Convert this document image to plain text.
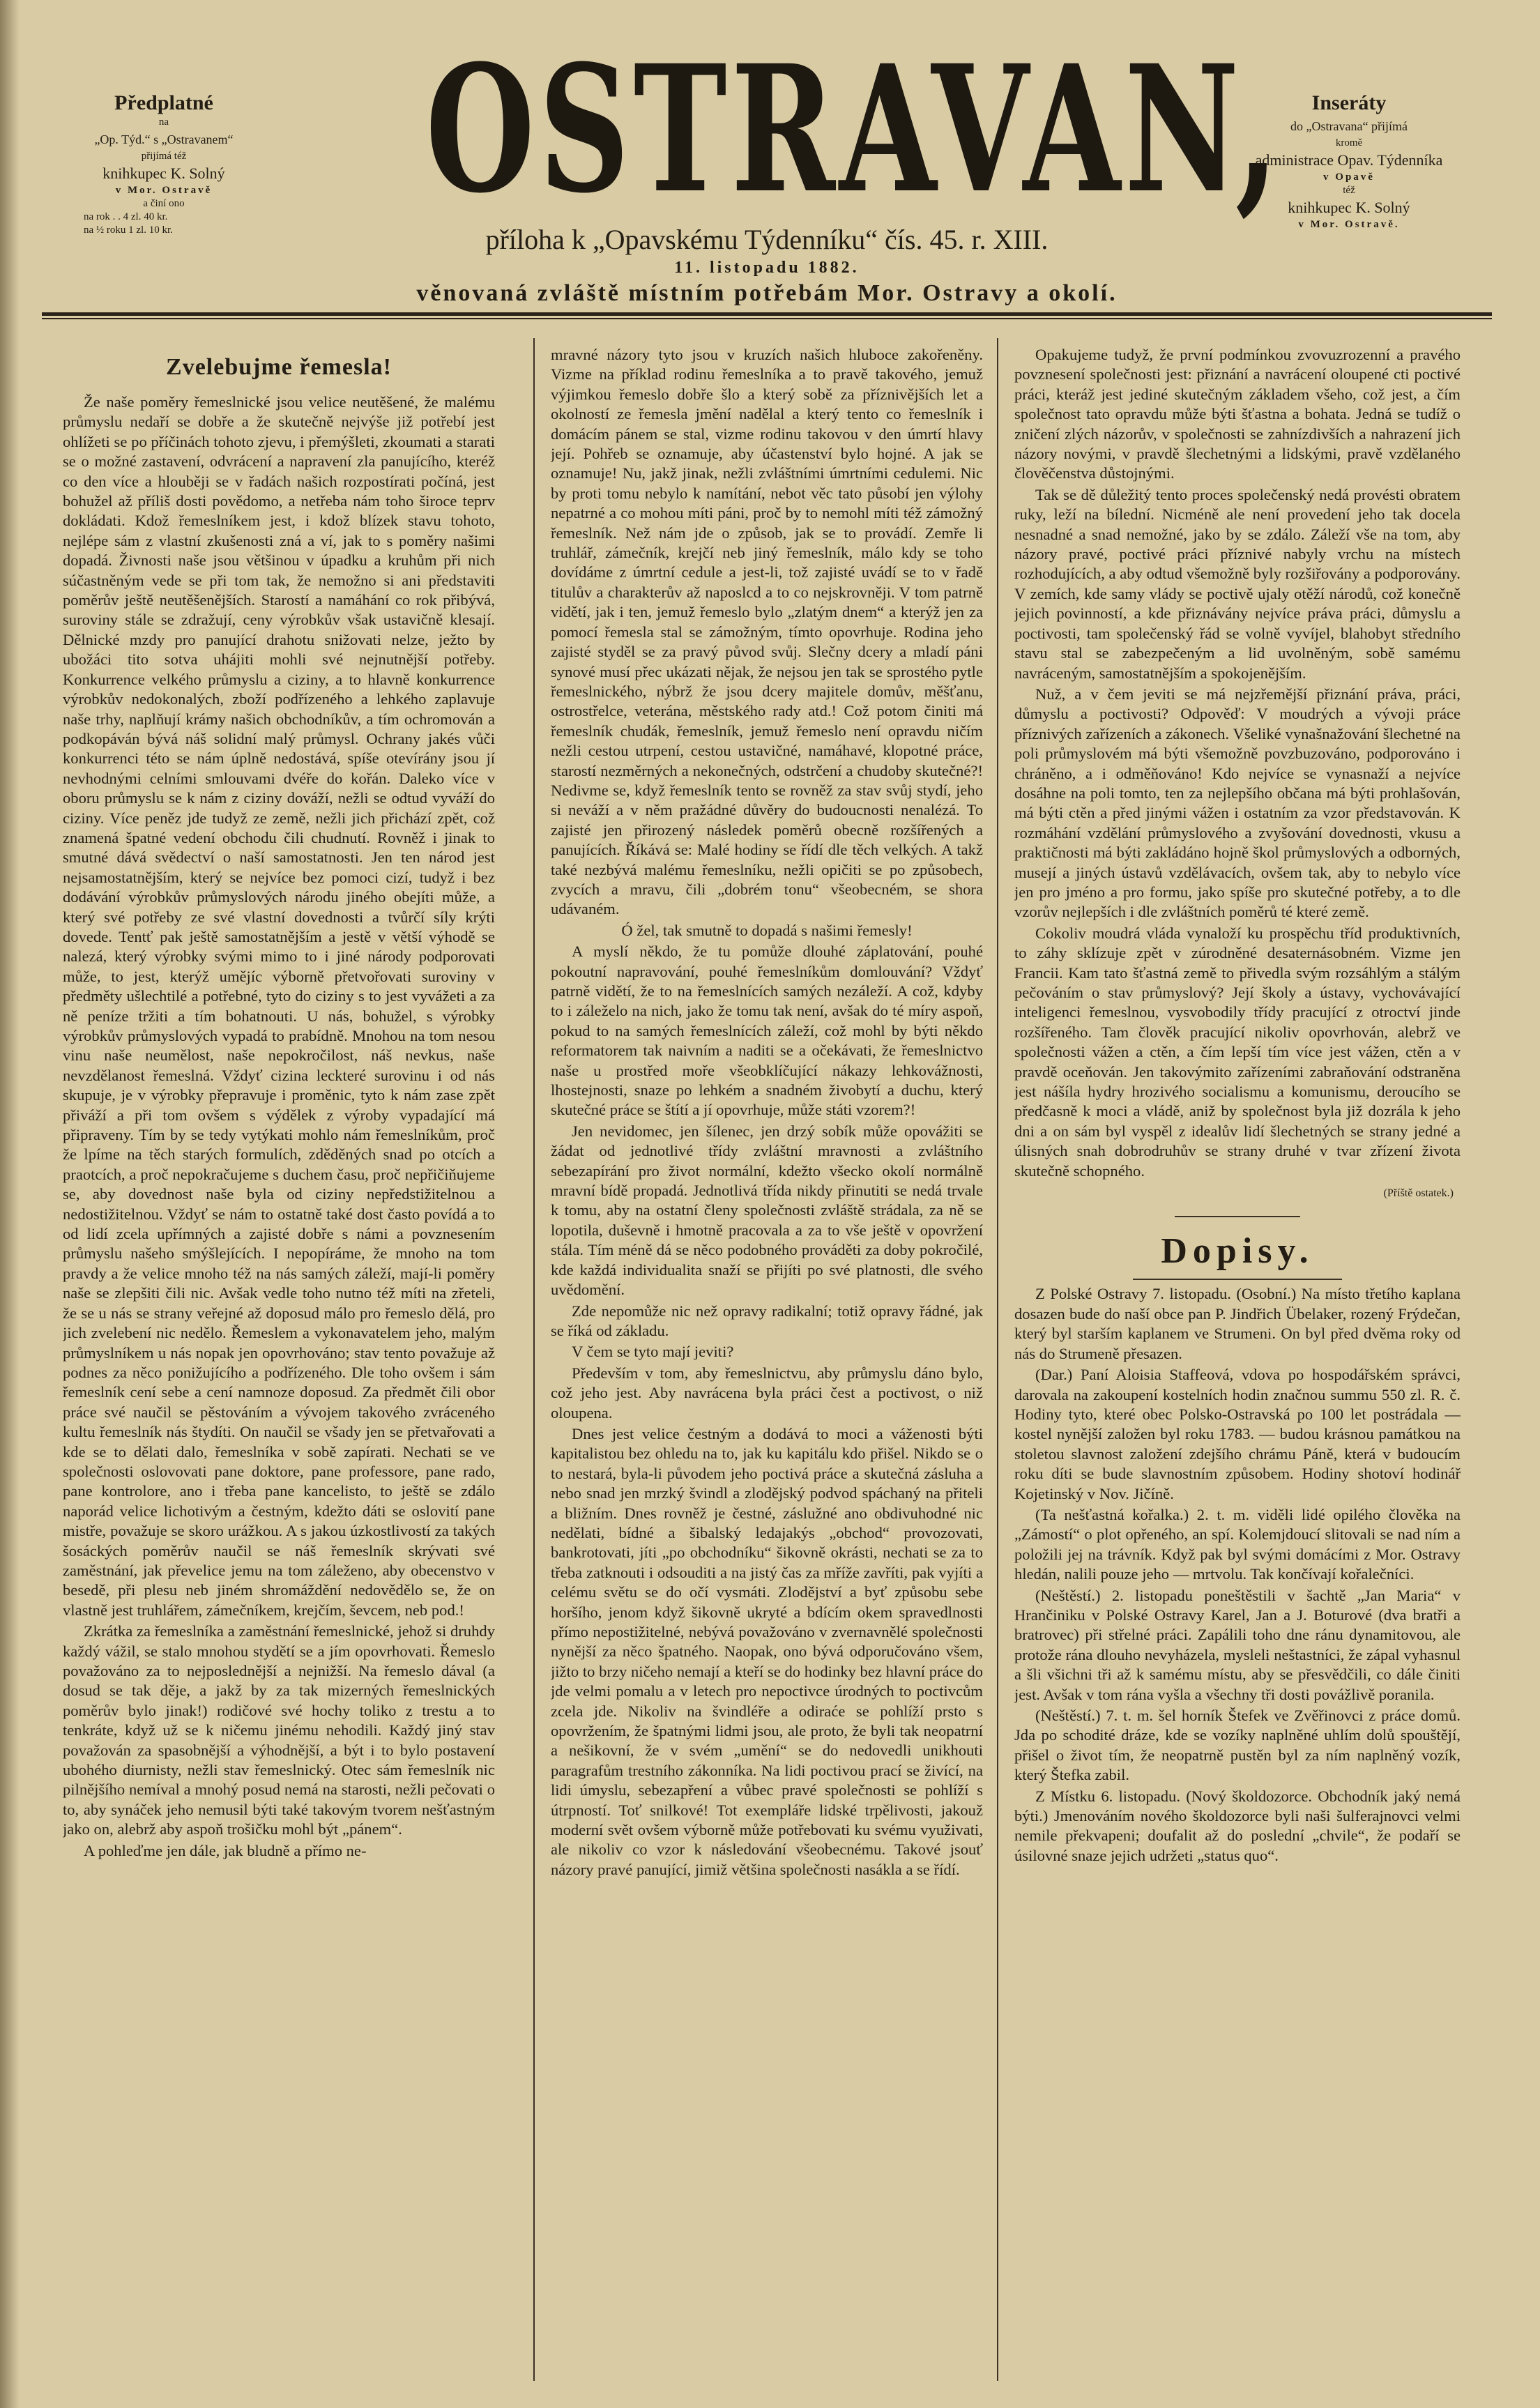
Předplatné
na
„Op. Týd.“ s „Ostravanem“
přijímá též
knihkupec K. Solný
v Mor. Ostravě
a činí ono
na rok . . 4 zl. 40 kr.
na ½ roku 1 zl. 10 kr.	OSTRAVAN,
příloha k „Opavskému Týdenníku“ čís. 45. r. XIII.
11. listopadu 1882.
věnovaná zvláště místním potřebám Mor. Ostravy a okolí.
Inseráty
do „Ostravana“ přijímá
kromě
administrace Opav. Týdenníka
v Opavě
též
knihkupec K. Solný
v Mor. Ostravě.
Zvelebujme řemesla!

Že naše poměry řemeslnické jsou velice neutěšené, že malému průmyslu nedaří se dobře a že skutečně nejvýše již potřebí jest ohlížeti se po příčinách tohoto zjevu, i přemýšleti, zkoumati a starati se o možné zastavení, odvrácení a napravení zla panujícího, kteréž co den více a hlouběji se v řadách našich rozpostírati počíná, jest bohužel až příliš dosti povědomo, a netřeba nám toho široce teprv dokládati. Kdož řemeslníkem jest, i kdož blízek stavu tohoto, nejlépe sám z vlastní zkušenosti zná a ví, jak to s poměry našimi dopadá. Živnosti naše jsou většinou v úpadku a kruhům při nich súčastněným vede se při tom tak, že nemožno si ani představiti poměrův ještě neutěšenějších. Starostí a namáhání co rok přibývá, suroviny stále se zdražují, ceny výrobkův však ustavičně klesají. Dělnické mzdy pro panující drahotu snižovati nelze, ježto by ubožáci tito sotva uhájiti mohli své nejnutnější potřeby. Konkurrence velkého průmyslu a ciziny, a to hlavně konkurrence výrobkův nedokonalých, zboží podřízeného a lehkého zaplavuje naše trhy, naplňují krámy našich obchodníkův, a tím ochromován a podkopáván bývá náš solidní malý průmysl. Ochrany jakés vůči konkurrenci této se nám úplně nedostává, spíše otevírány jsou jí nevhodnými celními smlouvami dvéře do kořán. Daleko více v oboru průmyslu se k nám z ciziny dováží, nežli se odtud vyváží do ciziny. Více peněz jde tudyž ze země, nežli jich přichází zpět, což znamená špatné vedení obchodu čili chudnutí. Rovněž i jinak to smutné dává svědectví o naší samostatnosti. Jen ten národ jest nejsamostatnějším, který se nejvíce bez pomoci cizí, tudyž i bez dodávání výrobkův průmyslových národu jiného obejíti může, a který své potřeby ze své vlastní dovednosti a tvůrčí síly krýti dovede. Tentť pak ještě samostatnějším a jestě v větší výhodě se nalezá, který výrobky svými mimo to i jiné národy podporovati může, to jest, kterýž umějíc výborně přetvořovati suroviny v předměty ušlechtilé a potřebné, tyto do ciziny s to jest vyvážeti a za ně peníze tržiti a tím bohatnouti. U nás, bohužel, s výrobky výrobkův průmyslových vypadá to prabídně. Mnohou na tom nesou vinu naše neumělost, naše nepokročilost, náš nevkus, naše nevzdělanost řemeslná. Vždyť cizina leckteré surovinu i od nás skupuje, je v výrobky přepravuje i proměnic, tyto k nám zase zpět přiváží a při tom ovšem s výdělek z výroby vypadající má připraveny. Tím by se tedy vytýkati mohlo nám řemeslníkům, proč že lpíme na těch starých formulích, zděděných snad po otcích a praotcích, a proč nepokračujeme s duchem času, proč nepřičiňujeme se, aby dovednost naše byla od ciziny nepředstižitelnou a nedostižitelnou. Vždyť se nám to ostatně také dost často povídá a to od lidí zcela upřímných a zajisté dobře s námi a povznesením průmyslu našeho smýšlejících. I nepopíráme, že mnoho na tom pravdy a že velice mnoho též na nás samých záleží, mají-li poměry naše se zlepšiti čili nic. Avšak vedle toho nutno též míti na zřeteli, že se u nás se strany veřejné až doposud málo pro řemeslo dělá, pro jich zvelebení nic nedělo. Řemeslem a vykonavatelem jeho, malým průmyslníkem u nás nopak jen opovrhováno; stav tento považuje až podnes za něco ponižujícího a podřízeného. Dle toho ovšem i sám řemeslník cení sebe a cení namnoze doposud. Za předmět čili obor práce své naučil se pěstováním a vývojem takového zvráceného kultu řemeslník nás štydíti. On naučil se všady jen se přetvařovati a kde se to dělati dalo, řemeslníka v sobě zapírati. Nechati se ve společnosti oslovovati pane doktore, pane professore, pane rado, pane kontrolore, ano i třeba pane kancelisto, to ještě se zdálo naporád velice lichotivým a čestným, kdežto dáti se oslovití pane mistře, považuje se skoro urážkou. A s jakou úzkostlivostí za takých šosáckých poměrův naučil se náš řemeslník skrývati své zaměstnání, jak převelice jemu na tom záleženo, aby obecenstvo v besedě, při plesu neb jiném shromáždění nedovědělo se, že on vlastně jest truhlářem, zámečníkem, krejčím, ševcem, neb pod.!

Zkrátka za řemeslníka a zaměstnání řemeslnické, jehož si druhdy každý vážil, se stalo mnohou stydětí se a jím opovrhovati. Řemeslo považováno za to nejposlednější a nejnižší. Na řemeslo dával (a dosud se tak děje, a jakž by za tak mizerných řemeslnických poměrův bylo jinak!) rodičové své hochy toliko z trestu a to tenkráte, když už se k ničemu jinému nehodili. Každý jiný stav považován za spasobnější a výhodnější, a být i to bylo postavení ubohého diurnisty, nežli stav řemeslnický. Otec sám řemeslník nic pilnějšího nemíval a mnohý posud nemá na starosti, nežli pečovati o to, aby synáček jeho nemusil býti také takovým tvorem nešťastným jako on, alebrž aby aspoň trošičku mohl být „pánem“.

A pohleďme jen dále, jak bludně a přímo ne-

mravné názory tyto jsou v kruzích našich hluboce zakořeněny. Vizme na příklad rodinu řemeslníka a to pravě takového, jemuž výjimkou řemeslo dobře šlo a který sobě za příznivějších let a okolností ze řemesla jmění nadělal a který tento co řemeslník i domácím pánem se stal, vizme rodinu takovou v den úmrtí hlavy její. Pohřeb se oznamuje, aby účastenství bylo hojné. A jak se oznamuje! Nu, jakž jinak, nežli zvláštními úmrtními cedulemi. Nic by proti tomu nebylo k namítání, nebot věc tato působí jen výlohy nepatrné a co mohou míti páni, proč by to nemohl míti též zámožný řemeslník. Než nám jde o způsob, jak se to provádí. Zemře li truhlář, zámečník, krejčí neb jiný řemeslník, málo kdy se toho dovídáme z úmrtní cedule a jest-li, tož zajisté uvádí se to v řadě titulův a charakterův až naposlcd a to co nejskrovněji. V tom patrně vidětí, jak i ten, jemuž řemeslo bylo „zlatým dnem“ a kterýž jen za pomocí řemesla stal se zámožným, tímto opovrhuje. Rodina jeho zajisté styděl se za pravý původ svůj. Slečny dcery a mladí páni synové musí přec ukázati nějak, že nejsou jen tak se sprostého pytle řemeslnického, nýbrž že jsou dcery majitele domův, měšťanu, ostrostřelce, veterána, městského rady atd.! Což potom činiti má řemeslník chudák, řemeslník, jemuž řemeslo není opravdu ničím nežli cestou utrpení, cestou ustavičné, namáhavé, klopotné práce, starostí nezměrných a nekonečných, odstrčení a chudoby skutečné?! Nedivme se, když řemeslník tento se rovněž za stav svůj stydí, jeho si neváží a v něm pražádné důvěry do budoucnosti nenalézá. To zajisté jen přirozený následek poměrů obecně rozšířených a panujících. Říkává se: Malé hodiny se řídí dle těch velkých. A takž také nezbývá malému řemeslníku, nežli opičiti se po způsobech, zvycích a mravu, čili „dobrém tonu“ všeobecném, se shora udávaném.

Ó žel, tak smutně to dopadá s našimi řemesly!

A myslí někdo, že tu pomůže dlouhé záplatování, pouhé pokoutní napravování, pouhé řemeslníkům domlouvání? Vždyť patrně vidětí, že to na řemeslnících samých nezáleží. A což, kdyby to i záleželo na nich, jako že tomu tak není, avšak do té míry aspoň, pokud to na samých řemeslnících záleží, což mohl by býti někdo reformatorem tak naivním a naditi se a očekávati, že řemeslnictvo naše u prostřed moře všeobklíčující nákazy lehkovážnosti, lhostejnosti, snaze po lehkém a snadném živobytí a duchu, který skutečné práce se štítí a jí opovrhuje, může státi vzorem?!

Jen nevidomec, jen šílenec, jen drzý sobík může opovážiti se žádat od jednotlivé třídy zvláštní mravnosti a zvláštního sebezapírání pro život normální, kdežto všecko okolí normálně mravní bídě propadá. Jednotlivá třída nikdy přinutiti se nedá trvale k tomu, aby na ostatní členy společnosti zvláště strádala, za ně se lopotila, duševně i hmotně pracovala a za to vše ještě v opovržení stála. Tím méně dá se něco podobného prováděti za doby pokročilé, kde každá individualita snaží se přijíti po své platnosti, dle svého uvědomění.

Zde nepomůže nic než opravy radikalní; totiž opravy řádné, jak se říká od základu.

V čem se tyto mají jeviti?

Především v tom, aby řemeslnictvu, aby průmyslu dáno bylo, což jeho jest. Aby navrácena byla práci čest a poctivost, o niž oloupena.

Dnes jest velice čestným a dodává to moci a váženosti býti kapitalistou bez ohledu na to, jak ku kapitálu kdo přišel. Nikdo se o to nestará, byla-li původem jeho poctivá práce a skutečná zásluha a nebo snad jen mrzký švindl a zlodějský podvod spáchaný na přiteli a bližním. Dnes rovněž je čestné, záslužné ano obdivuhodné nic nedělati, bídné a šibalský ledajakýs „obchod“ provozovati, bankrotovati, jíti „po obchodníku“ šikovně okrásti, nechati se za to třeba zatknouti i odsouditi a na jistý čas za mříže zavříti, pak vyjíti a celému světu se do očí vysmáti. Zlodějství a byť způsobu sebe horšího, jenom když šikovně ukryté a bdícím okem spravedlnosti přímo nepostižitelné, nebývá považováno v zvernavnělé společnosti nynější za něco špatného. Naopak, ono bývá odporučováno všem, jižto to brzy ničeho nemají a kteří se do hodinky bez hlavní práce do jde velmi pomalu a v letech pro nepoctivce úrodných to poctivcům zcela jde. Nikoliv na švindléře a odiraće se pohlíží prsto s opovržením, že špatnými lidmi jsou, ale proto, že byli tak neopatrní a nešikovní, že v svém „umění“ se do nedovedli unikhouti paragrafům trestního zákonníka. Na lidi poctivou prací se živící, na lidi úmyslu, sebezapření a vůbec pravé společnosti se pohlíží s útrpností. Toť snilkové! Tot exempláře lidské trpělivosti, jakouž moderní svět ovšem výborně může potřebovati ku svému využivati, ale nikoliv co vzor k následování všeobecnému. Takové jsouť názory pravé panující, jimiž většina společnosti nasákla a se řídí.

Opakujeme tudyž, že první podmínkou zvovuzrozenní a pravého povznesení společnosti jest: přiznání a navrácení oloupené cti poctivé práci, kteráž jest jediné skutečným základem všeho, což jest, a čím společnost tato opravdu může býti šťastna a bohata. Jedná se tudíž o zničení zlých názorův, v společnosti se zahnízdivších a nahrazení jich názory novými, v pravdě šlechetnými a lidskými, pravě vzdělaného člověčenstva důstojnými.

Tak se dě důležitý tento proces společenský nedá provésti obratem ruky, leží na bílední. Nicméně ale není provedení jeho tak docela nesnadné a snad nemožné, jako by se zdálo. Záleží vše na tom, aby názory pravé, poctivé práci příznivé nabyly vrchu na místech rozhodujících, a aby odtud všemožně byly rozšiřovány a podporovány. V zemích, kde samy vlády se poctivě ujaly otěží národů, což konečně jejich povinností, a kde přiznávány nejvíce práva práci, důmyslu a poctivosti, tam společenský řád se volně vyvíjel, blahobyt středního stavu stal se zabezpečeným a lid uvolněným, sobě samému navráceným, samostatnějším a spokojenějším.

Nuž, a v čem jeviti se má nejzřemější přiznání práva, práci, důmyslu a poctivosti? Odpověď: V moudrých a vývoji práce příznivých zařízeních a zákonech. Všeliké vynašnažování šlechetné na poli průmyslovém má býti všemožně povzbuzováno, podporováno i chráněno, a i odměňováno! Kdo nejvíce se vynasnaží a nejvíce dosáhne na poli tomto, ten za nejlepšího občana má býti prohlašován, má býti ctěn a před jinými vážen i ostatním za vzor představován. K rozmáhání vzdělání průmyslového a zvyšování dovednosti, vkusu a praktičnosti má býti zakládáno hojně škol průmyslových a odborných, musejí a jiných ústavů vzdělávacích, ovšem tak, aby to nebylo více jen pro jméno a pro formu, jako spíše pro skutečné potřeby, a to dle vzorův nejlepších i dle zvláštních poměrů té které země.

Cokoliv moudrá vláda vynaloží ku prospěchu tříd produktivních, to záhy sklízuje zpět v zúrodněné desaternásobném. Vizme jen Francii. Kam tato šťastná země to přivedla svým rozsáhlým a stálým pečováním o stav průmyslový? Její školy a ústavy, vychovávající inteligenci řemeslnou, vysvobodily třídy pracující z otroctví jinde rozšířeného. Tam člověk pracující nikoliv opovrhován, alebrž ve společnosti vážen a ctěn, a čím lepší tím více jest vážen, ctěn a v pravdě oceňován. Jen takovýmito zařízeními zabraňování odstraněna jest nášíla hydry hrozivého socialismu a komunismu, deroucího se předčasně k moci a vládě, aniž by společnost byla již dozrála k jeho dni a on sám byl vyspěl z idealův lidí šlechetných se strany jedné a úlisných snah dobrodruhův se strany druhé v tvar zřízení života skutečně schopného.

(Příště ostatek.)

Dopisy.

Z Polské Ostravy 7. listopadu. (Osobní.) Na místo třetího kaplana dosazen bude do naší obce pan P. Jindřich Übelaker, rozený Frýdečan, který byl starším kaplanem ve Strumeni. On byl před dvěma roky od nás do Strumeně přesazen.

(Dar.) Paní Aloisia Staffeová, vdova po hospodářském správci, darovala na zakoupení kostelních hodin značnou summu 550 zl. R. č. Hodiny tyto, které obec Polsko-Ostravská po 100 let postrádala — kostel nynější založen byl roku 1783. — budou krásnou památkou na stoletou slavnost založení zdejšího chrámu Páně, která v budoucím roku díti se bude slavnostním způsobem. Hodiny shotoví hodinář Kojetinský v Nov. Jičíně.

(Ta nešťastná kořalka.) 2. t. m. viděli lidé opilého člověka na „Zámostí“ o plot opřeného, an spí. Kolemjdoucí slitovali se nad ním a položili jej na trávník. Když pak byl svými domácími z Mor. Ostravy hledán, nalili pouze jeho — mrtvolu. Tak končívají kořalečníci.

(Neštěstí.) 2. listopadu poneštěstili v šachtě „Jan Maria“ v Hrančiniku v Polské Ostravy Karel, Jan a J. Boturové (dva bratři a bratrovec) při střelné práci. Zapálili toho dne ránu dynamitovou, ale protože rána dlouho nevyházela, mysleli neštastníci, že zápal vyhasnul a šli všichni tři až k samému místu, aby se přesvědčili, co dále činiti jest. Avšak v tom rána vyšla a všechny tři dosti povážlivě poranila.

(Neštěstí.) 7. t. m. šel horník Štefek ve Zvěřinovci z práce domů. Jda po schodité dráze, kde se vozíky naplněné uhlím dolů spouštějí, přišel o život tím, že neopatrně pustěn byl za ním naplněný vozík, který Štefka zabil.

Z Místku 6. listopadu. (Nový školdozorce. Obchodník jaký nemá býti.) Jmenováním nového školdozorce byli naši šulferajnovci velmi nemile překvapeni; doufalit až do poslední „chvile“, že podaří se úsilovné snaze jejich udržeti „status quo“.
